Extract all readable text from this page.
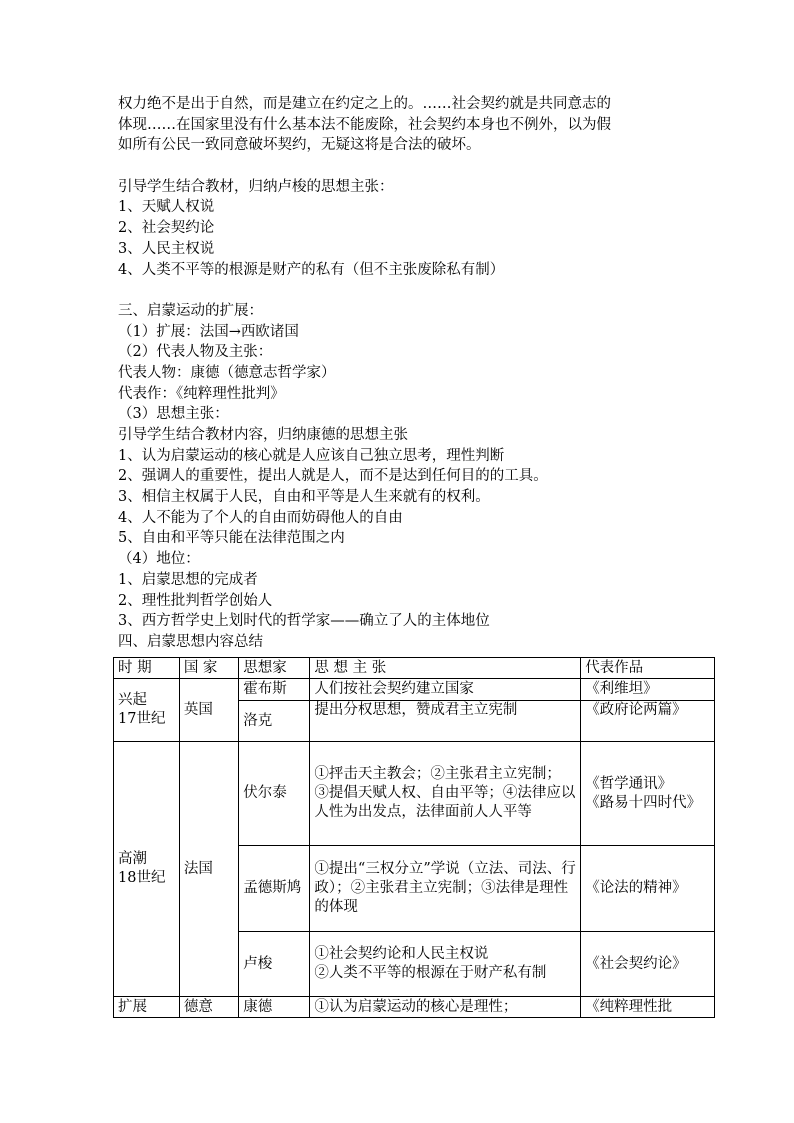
权力绝不是出于自然，而是建立在约定之上的。……社会契约就是共同意志的
体现……在国家里没有什么基本法不能废除，社会契约本身也不例外，以为假
如所有公民一致同意破坏契约，无疑这将是合法的破坏。
引导学生结合教材，归纳卢梭的思想主张：
1、天赋人权说
2、社会契约论
3、人民主权说
4、人类不平等的根源是财产的私有（但不主张废除私有制）
三、启蒙运动的扩展：
（1）扩展：法国→西欧诸国
（2）代表人物及主张：
代表人物：康德（德意志哲学家）
代表作：《纯粹理性批判》
（3）思想主张：
引导学生结合教材内容，归纳康德的思想主张
1、认为启蒙运动的核心就是人应该自己独立思考，理性判断
2、强调人的重要性，提出人就是人，而不是达到任何目的的工具。
3、相信主权属于人民，自由和平等是人生来就有的权利。
4、人不能为了个人的自由而妨碍他人的自由
5、自由和平等只能在法律范围之内
（4）地位：
1、启蒙思想的完成者
2、理性批判哲学创始人
3、西方哲学史上划时代的哲学家——确立了人的主体地位
四、启蒙思想内容总结
时 期	国 家	思想家	思 想 主 张	代表作品
兴起
17世纪	英国	霍布斯	人们按社会契约建立国家	《利维坦》
		洛克	提出分权思想，赞成君主立宪制	《政府论两篇》
高潮
18世纪	法国	伏尔泰	①抨击天主教会；②主张君主立宪制；
③提倡天赋人权、自由平等；④法律应以人性为出发点，法律面前人人平等	《哲学通讯》
《路易十四时代》
		孟德斯鸠	①提出“三权分立”学说（立法、司法、行政）；②主张君主立宪制；③法律是理性的体现	《论法的精神》
		卢梭	①社会契约论和人民主权说
②人类不平等的根源在于财产私有制	《社会契约论》
扩展	德意	康德	①认为启蒙运动的核心是理性；	《纯粹理性批
